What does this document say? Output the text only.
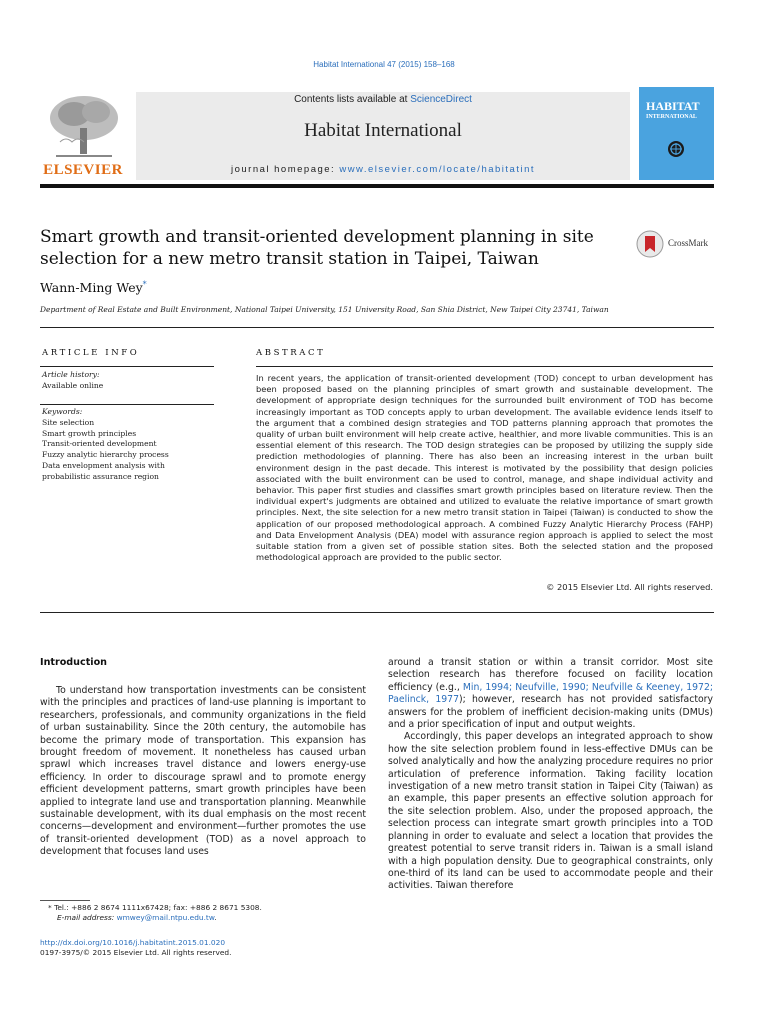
Habitat International 47 (2015) 158–168
ELSEVIER
Contents lists available at ScienceDirect
Habitat International
journal homepage: www.elsevier.com/locate/habitatint
HABITAT
INTERNATIONAL
Smart growth and transit-oriented development planning in site selection for a new metro transit station in Taipei, Taiwan
CrossMark
Wann-Ming Wey*
Department of Real Estate and Built Environment, National Taipei University, 151 University Road, San Shia District, New Taipei City 23741, Taiwan
ARTICLE INFO
Article history:
Available online
Keywords:
Site selection
Smart growth principles
Transit-oriented development
Fuzzy analytic hierarchy process
Data envelopment analysis with
probabilistic assurance region
ABSTRACT
In recent years, the application of transit-oriented development (TOD) concept to urban development has been proposed based on the planning principles of smart growth and sustainable development. The development of appropriate design techniques for the surrounded built environment of TOD has become increasingly important as TOD concepts apply to urban development. The available evidence lends itself to the argument that a combined design strategies and TOD patterns planning approach that promotes the quality of urban built environment will help create active, healthier, and more livable communities. This is an essential element of this research. The TOD design strategies can be proposed by utilizing the supply side prediction methodologies of planning. There has also been an increasing interest in the urban built environment design in the past decade. This interest is motivated by the possibility that design policies associated with the built environment can be used to control, manage, and shape individual activity and behavior. This paper first studies and classifies smart growth principles based on literature review. Then the individual expert's judgments are obtained and utilized to evaluate the relative importance of smart growth principles. Next, the site selection for a new metro transit station in Taipei (Taiwan) is conducted to show the application of our proposed methodological approach. A combined Fuzzy Analytic Hierarchy Process (FAHP) and Data Envelopment Analysis (DEA) model with assurance region approach is applied to select the most suitable station from a given set of possible station sites. Both the selected station and the proposed methodological approach are provided to the public sector.
© 2015 Elsevier Ltd. All rights reserved.
Introduction

To understand how transportation investments can be consistent with the principles and practices of land-use planning is important to researchers, professionals, and community organizations in the field of urban sustainability. Since the 20th century, the automobile has become the primary mode of transportation. This expansion has brought freedom of movement. It nonetheless has caused urban sprawl which increases travel distance and lowers energy-use efficiency. In order to discourage sprawl and to promote energy efficient development patterns, smart growth principles have been applied to integrate land use and transportation planning. Meanwhile sustainable development, with its dual emphasis on the most recent concerns—development and environment—further promotes the use of transit-oriented development (TOD) as a novel approach to development that focuses land uses

around a transit station or within a transit corridor. Most site selection research has therefore focused on facility location efficiency (e.g., Min, 1994; Neufville, 1990; Neufville & Keeney, 1972; Paelinck, 1977); however, research has not provided satisfactory answers for the problem of inefficient decision-making units (DMUs) and a prior specification of input and output weights.

Accordingly, this paper develops an integrated approach to show how the site selection problem found in less-effective DMUs can be solved analytically and how the analyzing procedure requires no prior articulation of preference information. Taking facility location investigation of a new metro transit station in Taipei City (Taiwan) as an example, this paper presents an effective solution approach for the site selection problem. Also, under the proposed approach, the selection process can integrate smart growth principles into a TOD planning in order to evaluate and select a location that provides the greatest potential to serve transit riders in. Taiwan is a small island with a high population density. Due to geographical constraints, only one-third of its land can be used to accommodate people and their activities. Taiwan therefore

* Tel.: +886 2 8674 1111x67428; fax: +886 2 8671 5308.
E-mail address: wmwey@mail.ntpu.edu.tw.
http://dx.doi.org/10.1016/j.habitatint.2015.01.020
0197-3975/© 2015 Elsevier Ltd. All rights reserved.
